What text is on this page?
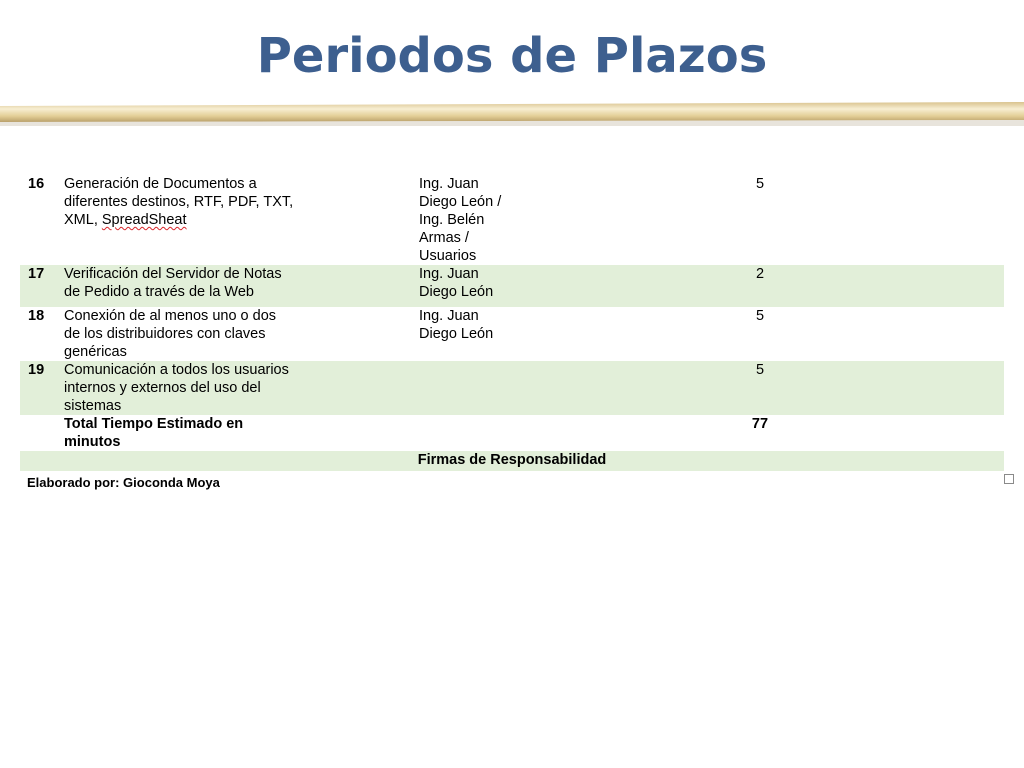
Periodos de Plazos
16	Generación de Documentos a
diferentes destinos, RTF, PDF, TXT,
XML, SpreadSheat		Ing. Juan
Diego León /
Ing. Belén
Armas /
Usuarios	5	
17	Verificación del Servidor de Notas
de Pedido a través de la Web		Ing. Juan
Diego León	2	
18	Conexión de al menos uno o dos
de los distribuidores con claves
genéricas		Ing. Juan
Diego León	5	
19	Comunicación a todos los usuarios
internos y externos del uso del
sistemas			5	
	Total Tiempo Estimado en
minutos			77	
Firmas de Responsabilidad					
Elaborado por: Gioconda Moya
